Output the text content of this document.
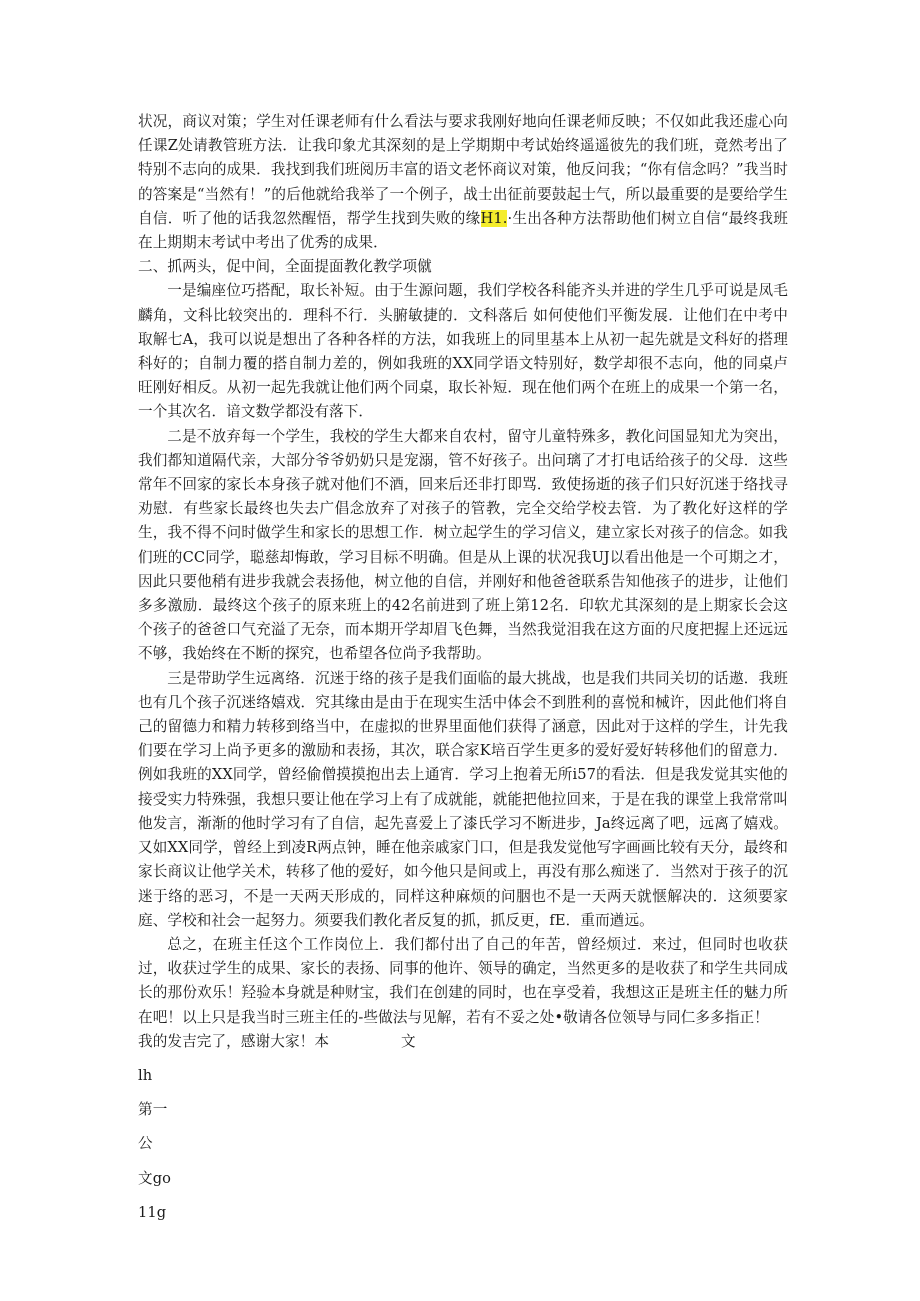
状况，商议对策；学生对任课老师有什么看法与要求我刚好地向任课老师反映；不仅如此我还虚心向任课Z处请教管班方法．让我印象尤其深刻的是上学期期中考试始终遥遥彼先的我们班，竟然考出了特别不志向的成果．我找到我们班阅历丰富的语文老怀商议对策，他反问我；“你有信念吗？”我当时的答案是“当然有！”的后他就给我举了一个例子，战士出征前要鼓起士气，所以最重要的是要给学生自信．听了他的话我忽然醒悟，帮学生找到失败的缘H1.·生出各种方法帮助他们树立自信“最终我班在上期期末考试中考出了优秀的成果．

二、抓两头，促中间，全面提面教化教学项僦

一是编座位巧搭配，取长补短。由于生源问题，我们学校各科能齐头并进的学生几乎可说是凤毛麟角，文科比较突出的．理科不行．头腑敏捷的．文科落后 如何使他们平衡发展．让他们在中考中取解七A，我可以说是想出了各种各样的方法，如我班上的同里基本上从初一起先就是文科好的搭理科好的；自制力覆的搭自制力差的，例如我班的XX同学语文特别好，数学却很不志向，他的同桌卢旺刚好相反。从初一起先我就让他们两个同桌，取长补短．现在他们两个在班上的成果一个第一名，一个其次名．谙文数学都没有落下．

二是不放弃每一个学生，我校的学生大都来自农村，留守儿童特殊多，教化问国显知尤为突出，我们都知道隔代亲，大部分爷爷奶奶只是宠溺，管不好孩子。出问璃了才打电话给孩子的父母．这些常年不回家的家长本身孩子就对他们不酒，回来后还非打即骂．致使扬逝的孩子们只好沉迷于络找寻劝慰．有些家长最终也失去广倡念放弃了对孩子的管教，完全交给学校去管．为了教化好这样的学生，我不得不问时做学生和家长的思想工作．树立起学生的学习信义，建立家长对孩子的信念。如我们班的CC同学，聪慈却悔敢，学习目标不明确。但是从上课的状况我UJ以看出他是一个可期之才，因此只要他稍有进步我就会表扬他，树立他的自信，并刚好和他爸爸联系告知他孩子的进步，让他们多多激励．最终这个孩子的原来班上的42名前进到了班上第12名．印软尤其深刻的是上期家长会这个孩子的爸爸口气充溢了无奈，而本期开学却眉飞色舞，当然我觉泪我在这方面的尺度把握上还远远不够，我始终在不断的探究，也希望各位尚予我帮助。

三是带助学生远离络．沉迷于络的孩子是我们面临的最大挑战，也是我们共同关切的话遨．我班也有几个孩子沉迷络嬉戏．究其缘由是由于在现实生活中体会不到胜利的喜悦和械许，因此他们将自己的留德力和精力转移到络当中，在虚拟的世界里面他们获得了涵意，因此对于这样的学生，计先我们要在学习上尚予更多的激励和表扬，其次，联合家K培百学生更多的爱好爱好转移他们的留意力．例如我班的XX同学，曾经偷僧摸摸抱出去上通宵．学习上抱着无所i57的看法．但是我发觉其实他的接受实力特殊强，我想只要让他在学习上有了成就能，就能把他拉回来，于是在我的课堂上我常常叫他发言，渐渐的他时学习有了自信，起先喜爱上了漆氏学习不断进步，Ja终远离了吧，远离了嬉戏。又如XX同学，曾经上到凌R两点钟，睡在他亲戚家门口，但是我发觉他写字画画比较有天分，最终和家长商议让他学关术，转移了他的爱好，如今他只是间或上，再没有那么痴迷了．当然对于孩子的沉迷于络的恶习，不是一天两天形成的，同样这种麻烦的问胭也不是一天两天就惬解决的．这须要家庭、学校和社会一起努力。须要我们教化者反复的抓，抓反更，fE．重而遒远。

总之，在班主任这个工作岗位上．我们都付出了自己的年苦，曾经烦过．来过，但同时也收获过，收获过学生的成果、家长的表扬、同事的他许、领导的确定，当然更多的是收获了和学生共同成长的那份欢乐！羟验本身就是种财宝，我们在创建的同时，也在享受着，我想这正是班主任的魅力所在吧！以上只是我当时三班主任的-些做法与见解，若有不妥之处•敬请各位领导与同仁多多指正！

我的发吉完了，感谢大家！本	文

lh

第一

公

文go

11g
